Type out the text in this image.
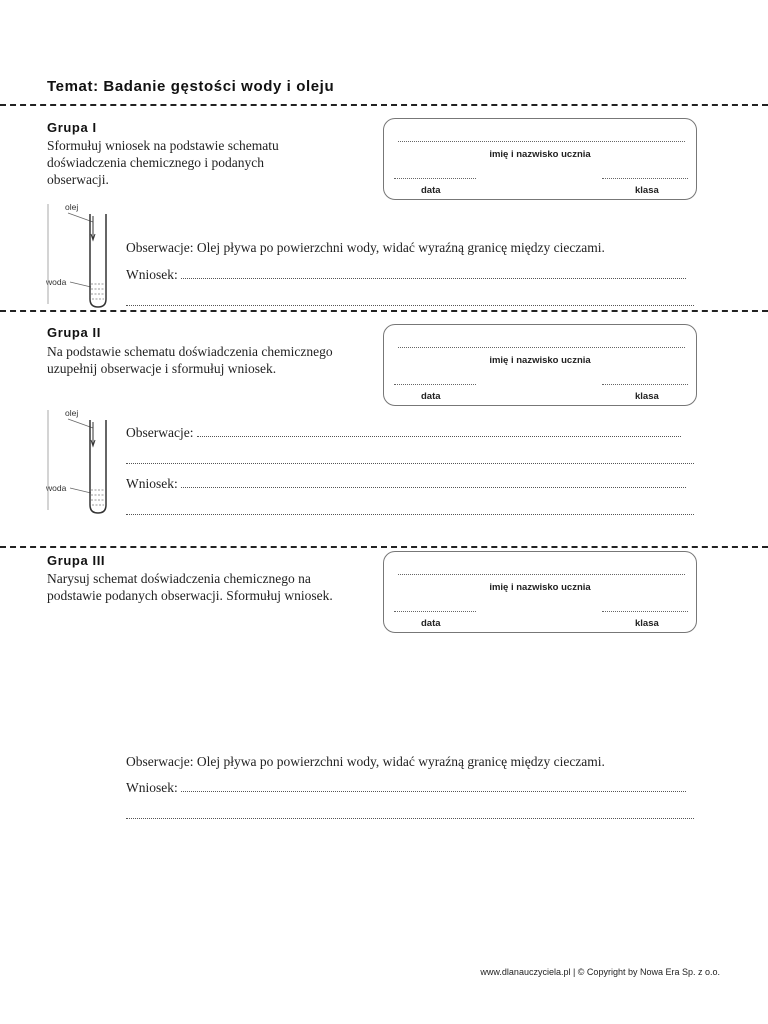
Temat: Badanie gęstości wody i oleju
Grupa I
Sformułuj wniosek na podstawie schematu doświadczenia chemicznego i podanych obserwacji.
imię i nazwisko ucznia
data	klasa
olej
woda
Obserwacje: Olej pływa po powierzchni wody, widać wyraźną granicę między cieczami.
Wniosek:
Grupa II
Na podstawie schematu doświadczenia chemicznego uzupełnij obserwacje i sformułuj wniosek.
imię i nazwisko ucznia
data	klasa
olej
woda
Obserwacje:
Wniosek:
Grupa III
Narysuj schemat doświadczenia chemicznego na podstawie podanych obserwacji. Sformułuj wniosek.
imię i nazwisko ucznia
data	klasa
Obserwacje: Olej pływa po powierzchni wody, widać wyraźną granicę między cieczami.
Wniosek:
www.dlanauczyciela.pl | © Copyright by Nowa Era Sp. z o.o.
